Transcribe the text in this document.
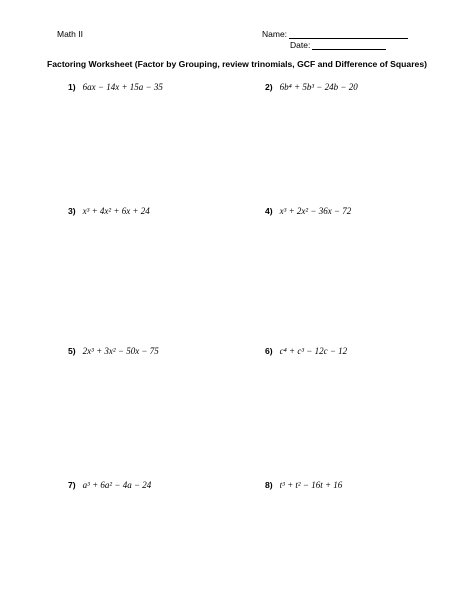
Math II	Name:
Date:
Factoring Worksheet (Factor by Grouping, review trinomials, GCF and Difference of Squares)
1) 6ax − 14x + 15a − 35	2) 6b⁴ + 5b³ − 24b − 20
3) x³ + 4x² + 6x + 24	4) x³ + 2x² − 36x − 72
5) 2x³ + 3x² − 50x − 75	6) c⁴ + c³ − 12c − 12
7) a³ + 6a² − 4a − 24	8) t³ + t² − 16t + 16
